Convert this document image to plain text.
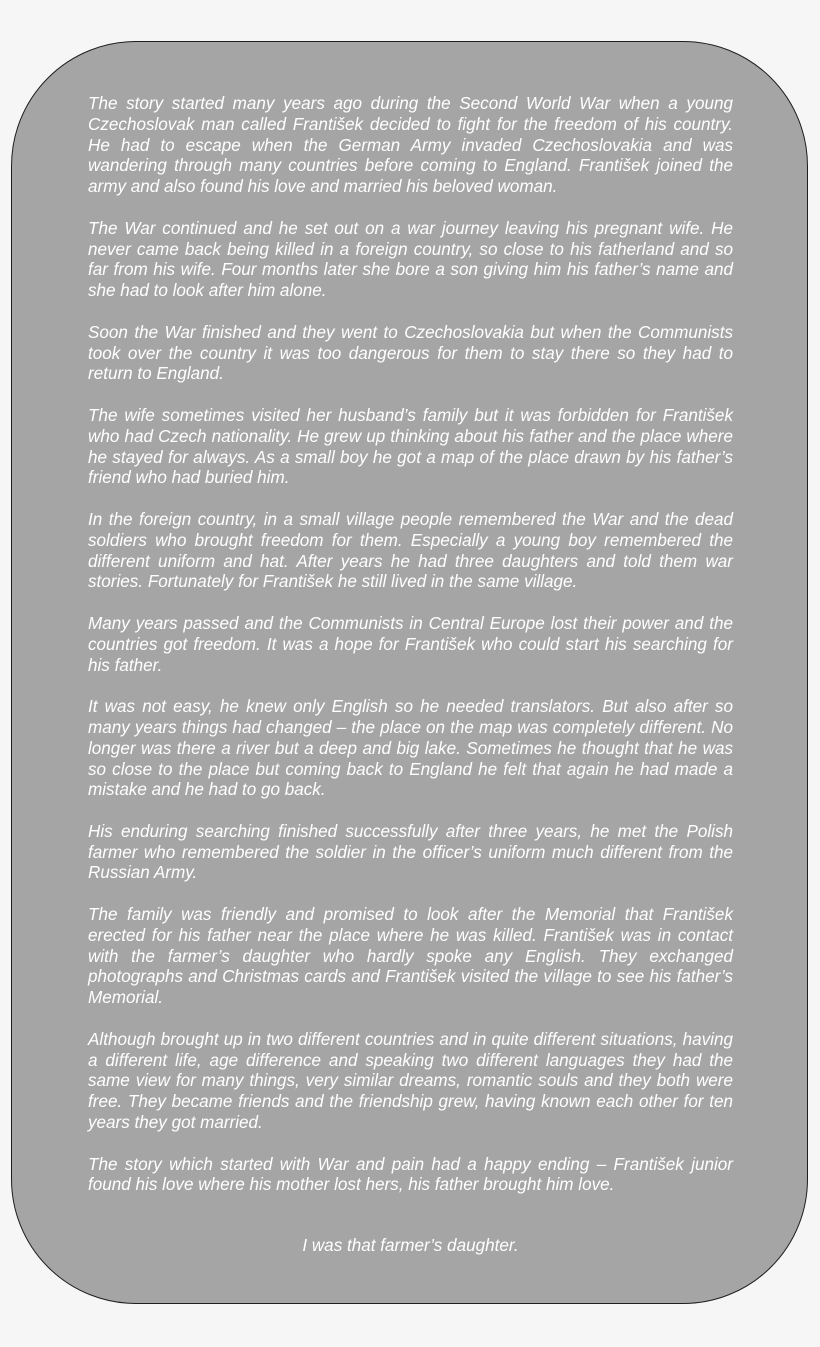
The story started many years ago during the Second World War when a young Czechoslovak man called František decided to fight for the freedom of his country. He had to escape when the German Army invaded Czechoslovakia and was wandering through many countries before coming to England. František joined the army and also found his love and married his beloved woman.

The War continued and he set out on a war journey leaving his pregnant wife. He never came back being killed in a foreign country, so close to his fatherland and so far from his wife. Four months later she bore a son giving him his father’s name and she had to look after him alone.

Soon the War finished and they went to Czechoslovakia but when the Communists took over the country it was too dangerous for them to stay there so they had to return to England.

The wife sometimes visited her husband’s family but it was forbidden for František who had Czech nationality. He grew up thinking about his father and the place where he stayed for always. As a small boy he got a map of the place drawn by his father’s friend who had buried him.

In the foreign country, in a small village people remembered the War and the dead soldiers who brought freedom for them. Especially a young boy remembered the different uniform and hat. After years he had three daughters and told them war stories. Fortunately for František he still lived in the same village.

Many years passed and the Communists in Central Europe lost their power and the countries got freedom. It was a hope for František who could start his searching for his father.

It was not easy, he knew only English so he needed translators. But also after so many years things had changed – the place on the map was completely different. No longer was there a river but a deep and big lake. Sometimes he thought that he was so close to the place but coming back to England he felt that again he had made a mistake and he had to go back.

His enduring searching finished successfully after three years, he met the Polish farmer who remembered the soldier in the officer’s uniform much different from the Russian Army.

The family was friendly and promised to look after the Memorial that František erected for his father near the place where he was killed. František was in contact with the farmer’s daughter who hardly spoke any English. They exchanged photographs and Christmas cards and František visited the village to see his father’s Memorial.

Although brought up in two different countries and in quite different situations, having a different life, age difference and speaking two different languages they had the same view for many things, very similar dreams, romantic souls and they both were free. They became friends and the friendship grew, having known each other for ten years they got married.

The story which started with War and pain had a happy ending – František junior found his love where his mother lost hers, his father brought him love.

I was that farmer’s daughter.
